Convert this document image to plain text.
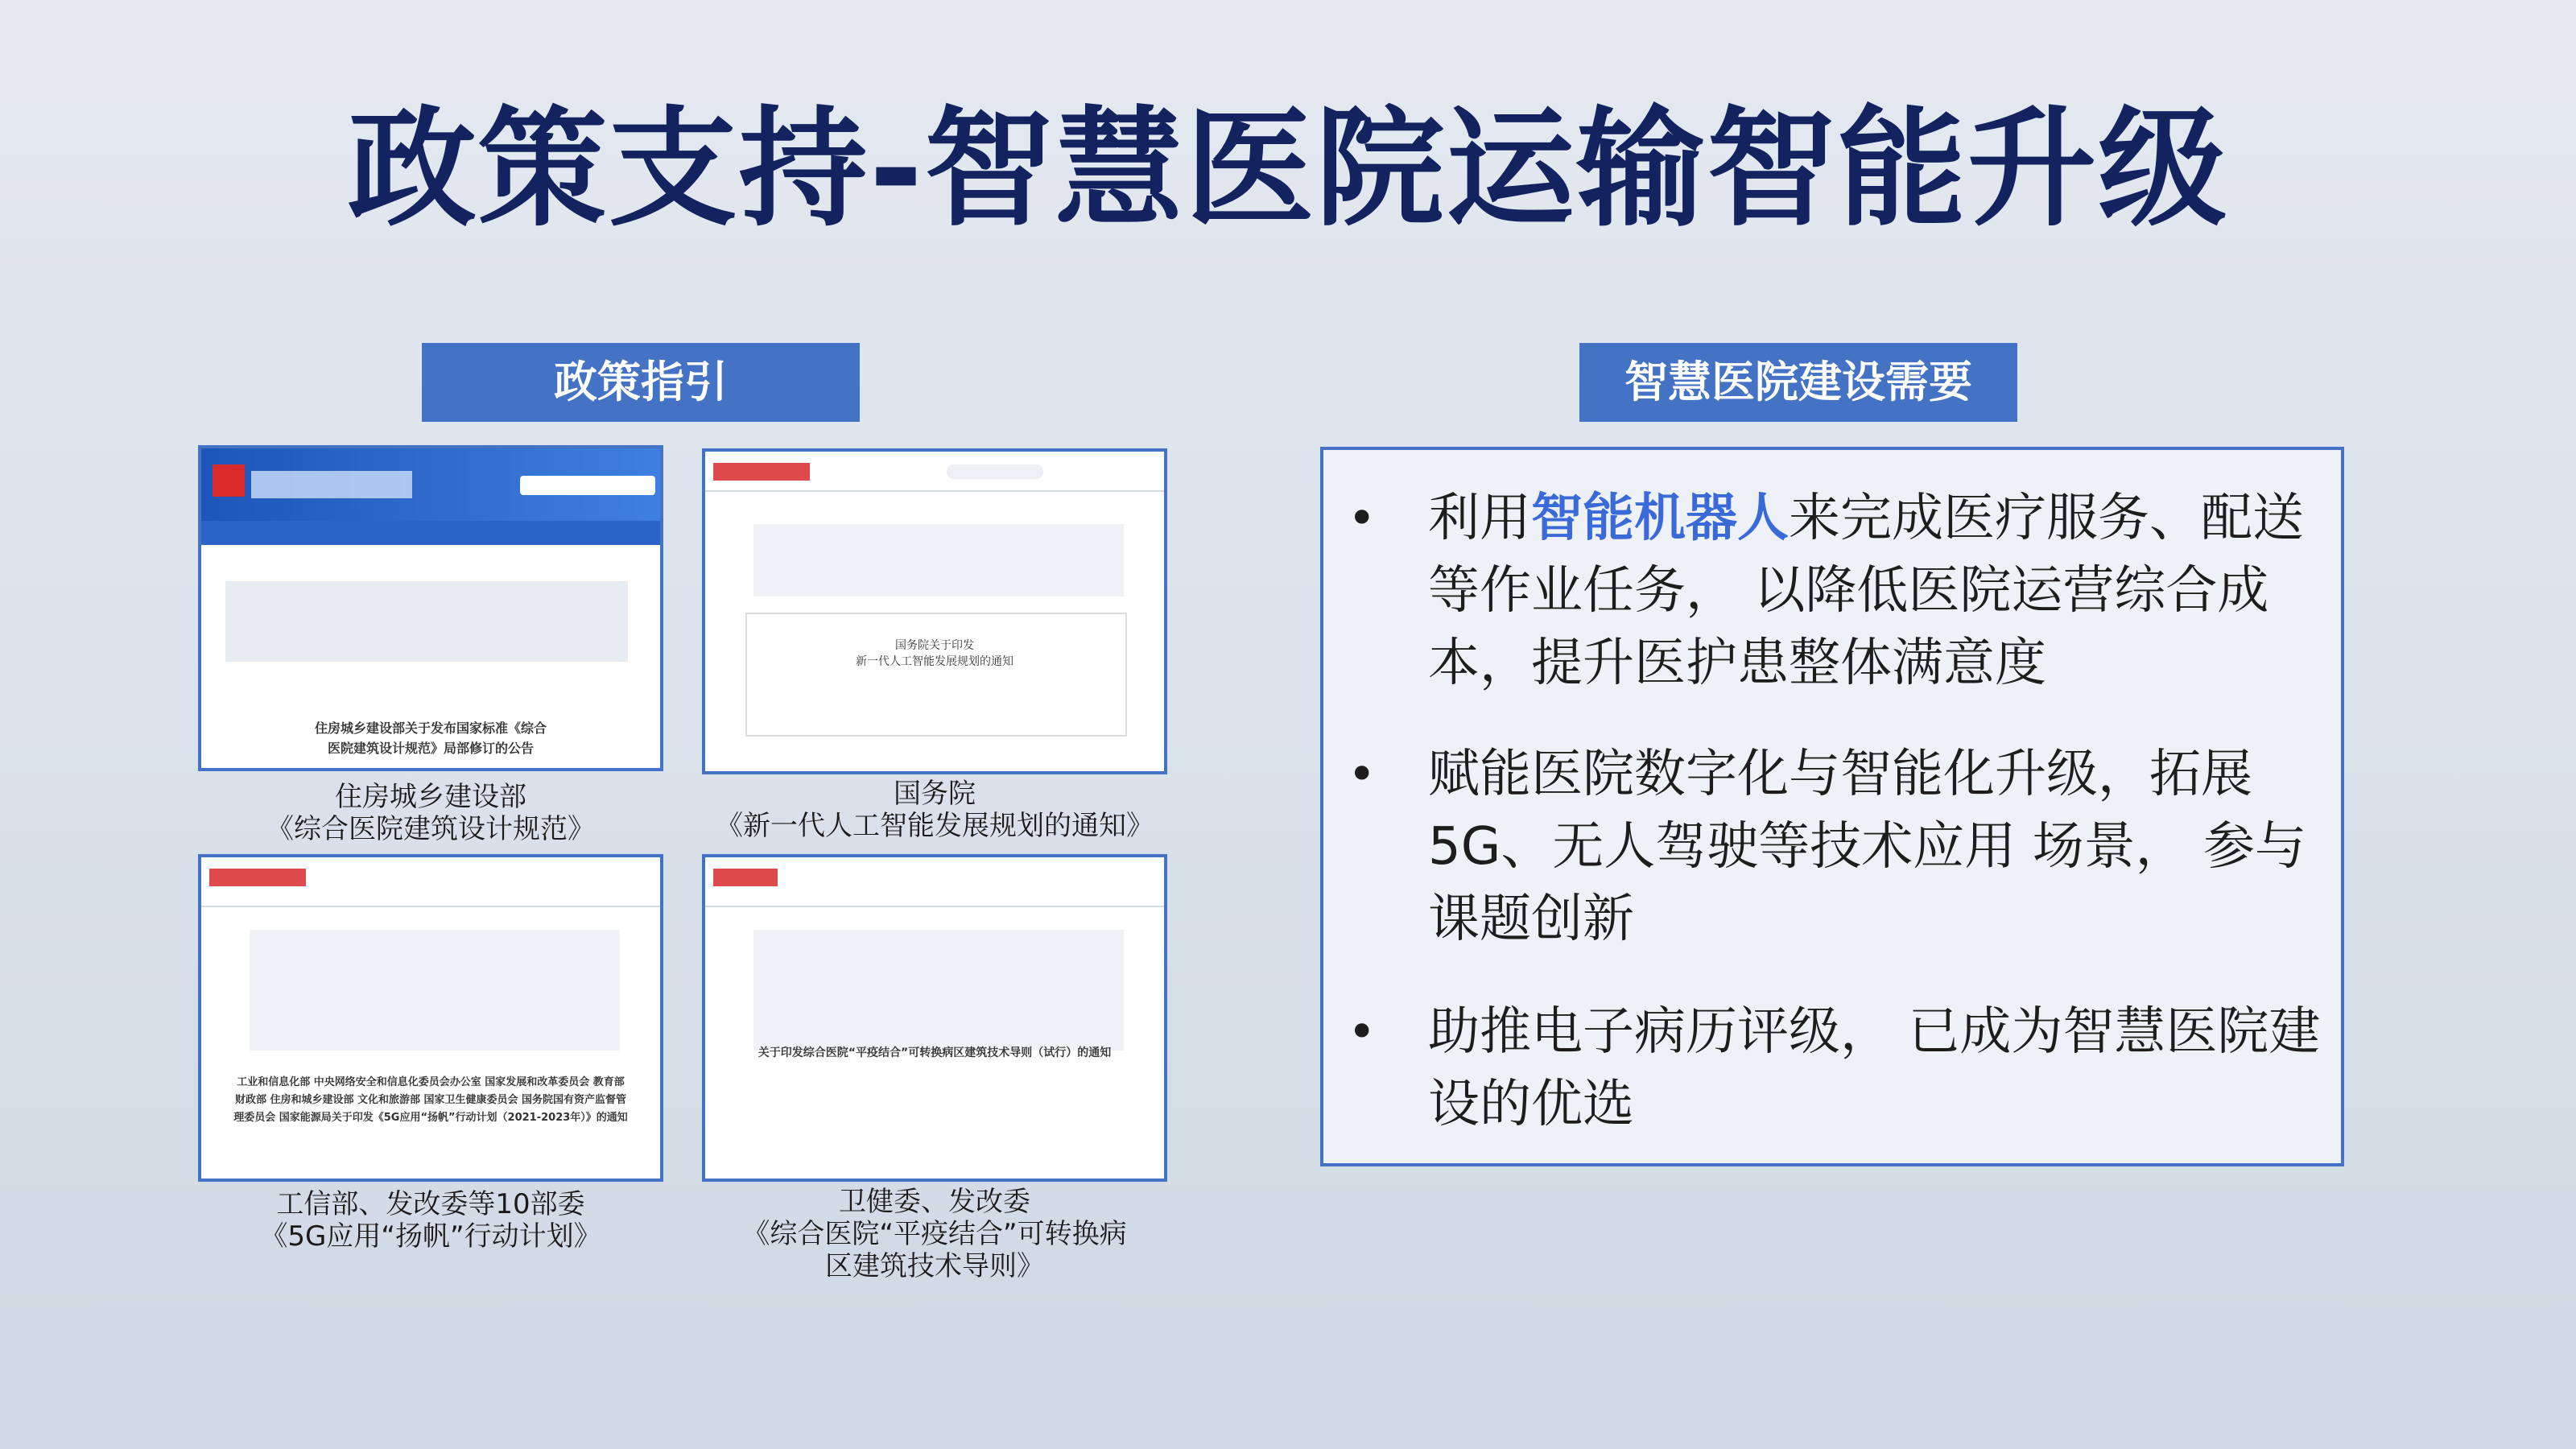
政策支持-智慧医院运输智能升级
政策指引	智慧医院建设需要
住房城乡建设部关于发布国家标准《综合
医院建筑设计规范》局部修订的公告
住房城乡建设部
《综合医院建筑设计规范》
国务院关于印发
新一代人工智能发展规划的通知
国务院
《新一代人工智能发展规划的通知》
工业和信息化部 中央网络安全和信息化委员会办公室 国家发展和改革委员会 教育部
财政部 住房和城乡建设部 文化和旅游部 国家卫生健康委员会 国务院国有资产监督管
理委员会 国家能源局关于印发《5G应用“扬帆”行动计划（2021-2023年）》的通知
工信部、发改委等10部委
《5G应用“扬帆”行动计划》
关于印发综合医院“平疫结合”可转换病区建筑技术导则（试行）的通知
卫健委、发改委
《综合医院“平疫结合”可转换病
区建筑技术导则》
• 利用智能机器人来完成医疗服务、配送等作业任务， 以降低医院运营综合成本，提升医护患整体满意度
• 赋能医院数字化与智能化升级，拓展5G、无人驾驶等技术应用 场景， 参与课题创新
• 助推电子病历评级， 已成为智慧医院建设的优选
